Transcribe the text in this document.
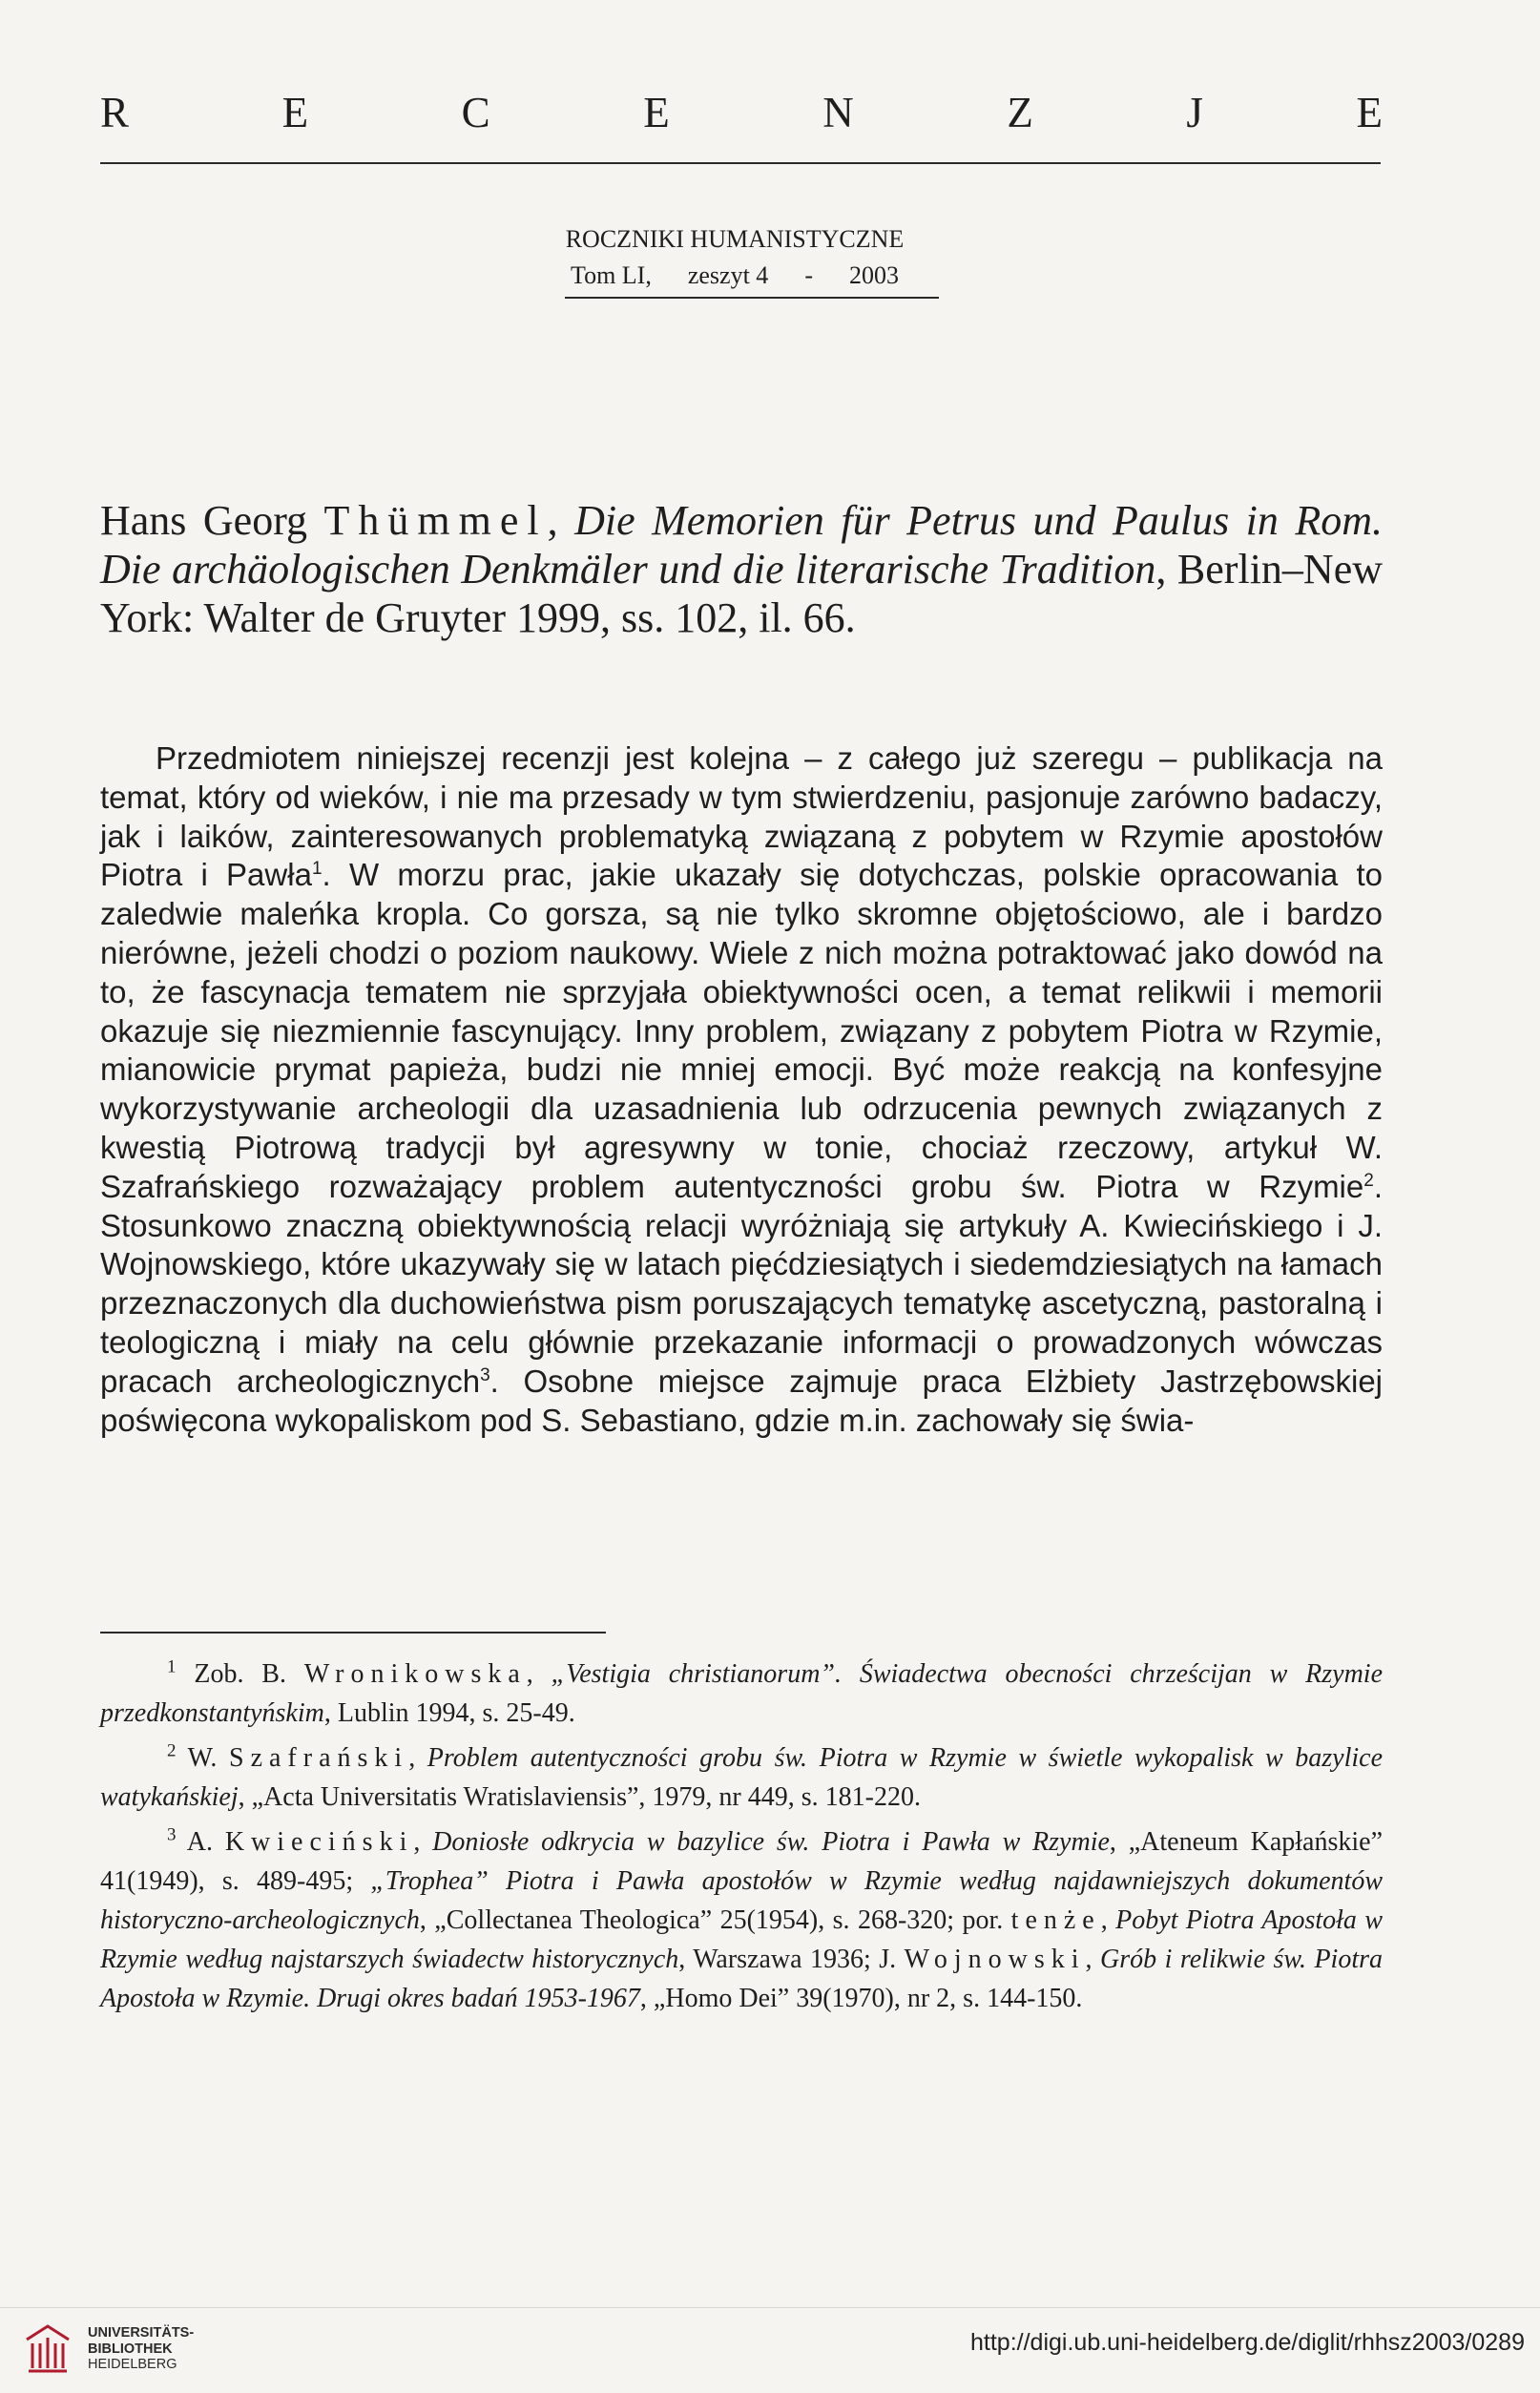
R	E	C	E	N	Z	J	E
ROCZNIKI HUMANISTYCZNE
Tom LI, zeszyt 4 - 2003
Hans Georg Thümmel, Die Memorien für Petrus und Paulus in Rom. Die archäologischen Denkmäler und die literarische Tradition, Berlin–New York: Walter de Gruyter 1999, ss. 102, il. 66.
Przedmiotem niniejszej recenzji jest kolejna – z całego już szeregu – publikacja na temat, który od wieków, i nie ma przesady w tym stwierdzeniu, pasjonuje zarówno badaczy, jak i laików, zainteresowanych problematyką związaną z pobytem w Rzymie apostołów Piotra i Pawła$^1$. W morzu prac, jakie ukazały się dotychczas, polskie opracowania to zaledwie maleńka kropla. Co gorsza, są nie tylko skromne objętościowo, ale i bardzo nierówne, jeżeli chodzi o poziom naukowy. Wiele z nich można potraktować jako dowód na to, że fascynacja tematem nie sprzyjała obiektywności ocen, a temat relikwii i memorii okazuje się niezmiennie fascynujący. Inny problem, związany z pobytem Piotra w Rzymie, mianowicie prymat papieża, budzi nie mniej emocji. Być może reakcją na konfesyjne wykorzystywanie archeologii dla uzasadnienia lub odrzucenia pewnych związanych z kwestią Piotrową tradycji był agresywny w tonie, chociaż rzeczowy, artykuł W. Szafrańskiego rozważający problem autentyczności grobu św. Piotra w Rzymie$^2$. Stosunkowo znaczną obiektywnością relacji wyróżniają się artykuły A. Kwiecińskiego i J. Wojnowskiego, które ukazywały się w latach pięćdziesiątych i siedemdziesiątych na łamach przeznaczonych dla duchowieństwa pism poruszających tematykę ascetyczną, pastoralną i teologiczną i miały na celu głównie przekazanie informacji o prowadzonych wówczas pracach archeologicznych$^3$. Osobne miejsce zajmuje praca Elżbiety Jastrzębowskiej poświęcona wykopaliskom pod S. Sebastiano, gdzie m.in. zachowały się świa-

$^1$ Zob. B. Wronikowska, „Vestigia christianorum”. Świadectwa obecności chrześcijan w Rzymie przedkonstantyńskim, Lublin 1994, s. 25-49.

$^2$ W. Szafrański, Problem autentyczności grobu św. Piotra w Rzymie w świetle wykopalisk w bazylice watykańskiej, „Acta Universitatis Wratislaviensis”, 1979, nr 449, s. 181-220.

$^3$ A. Kwieciński, Doniosłe odkrycia w bazylice św. Piotra i Pawła w Rzymie, „Ateneum Kapłańskie” 41(1949), s. 489-495; „Trophea” Piotra i Pawła apostołów w Rzymie według najdawniejszych dokumentów historyczno-archeologicznych, „Collectanea Theologica” 25(1954), s. 268-320; por. tenże, Pobyt Piotra Apostoła w Rzymie według najstarszych świadectw historycznych, Warszawa 1936; J. Wojnowski, Grób i relikwie św. Piotra Apostoła w Rzymie. Drugi okres badań 1953-1967, „Homo Dei” 39(1970), nr 2, s. 144-150.

UNIVERSITÄTS-
BIBLIOTHEK
HEIDELBERG
http://digi.ub.uni-heidelberg.de/diglit/rhhsz2003/0289
